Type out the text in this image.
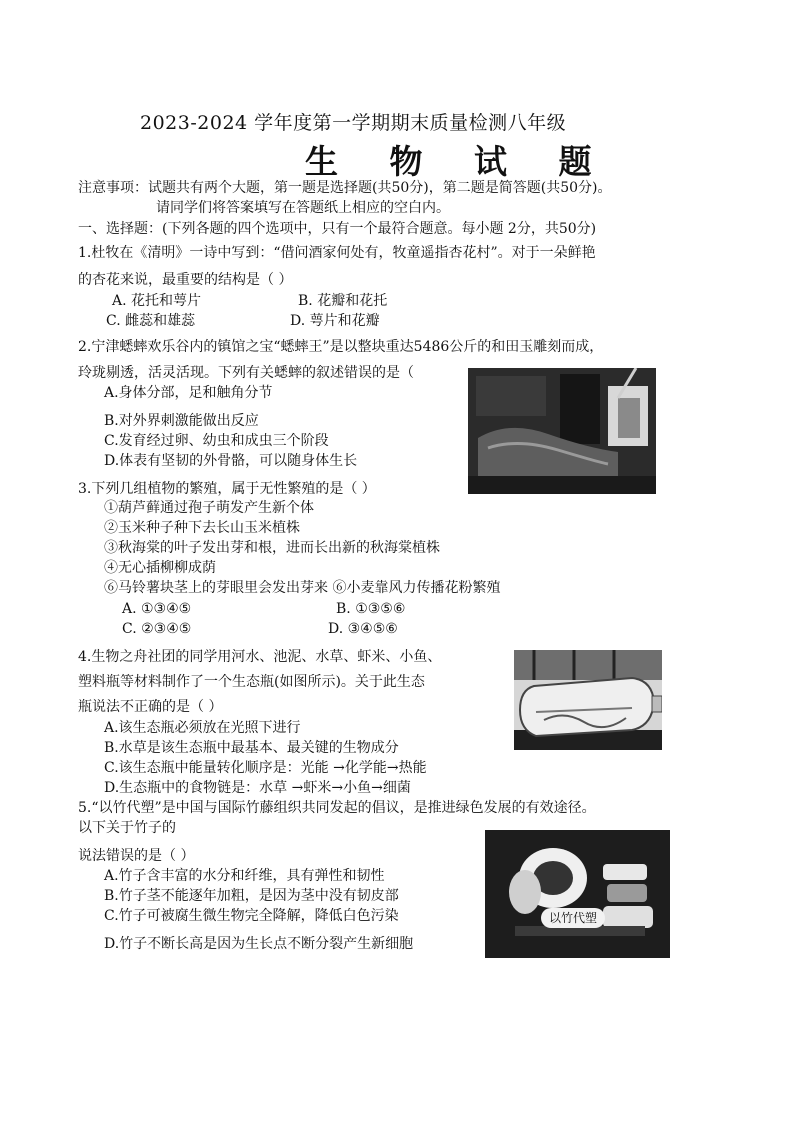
2023-2024 学年度第一学期期末质量检测八年级
生 物 试 题
注意事项：试题共有两个大题，第一题是选择题(共50分)，第二题是简答题(共50分)。
请同学们将答案填写在答题纸上相应的空白内。
一、选择题：(下列各题的四个选项中，只有一个最符合题意。每小题 2分，共50分)
1.杜牧在《清明》一诗中写到：“借问酒家何处有，牧童遥指杏花村”。对于一朵鲜艳
的杏花来说，最重要的结构是（ ）
A. 花托和萼片	B. 花瓣和花托
C. 雌蕊和雄蕊	D. 萼片和花瓣
2.宁津蟋蟀欢乐谷内的镇馆之宝“蟋蟀王”是以整块重达5486公斤的和田玉雕刻而成，
玲珑剔透，活灵活现。下列有关蟋蟀的叙述错误的是（
A.身体分部，足和触角分节
B.对外界刺激能做出反应
C.发育经过卵、幼虫和成虫三个阶段
D.体表有坚韧的外骨骼，可以随身体生长
3.下列几组植物的繁殖，属于无性繁殖的是（ ）
①葫芦藓通过孢子萌发产生新个体
②玉米种子种下去长山玉米植株
③秋海棠的叶子发出芽和根，进而长出新的秋海棠植株
④无心插柳柳成荫
⑥马铃薯块茎上的芽眼里会发出芽来 ⑥小麦靠风力传播花粉繁殖
A. ①③④⑤	B. ①③⑤⑥
C. ②③④⑤	D. ③④⑤⑥
4.生物之舟社团的同学用河水、池泥、水草、虾米、小鱼、
塑料瓶等材料制作了一个生态瓶(如图所示)。关于此生态
瓶说法不正确的是（ ）
A.该生态瓶必须放在光照下进行
B.水草是该生态瓶中最基本、最关键的生物成分
C.该生态瓶中能量转化顺序是：光能 →化学能→热能
D.生态瓶中的食物链是：水草 →虾米→小鱼→细菌
5.“以竹代塑”是中国与国际竹藤组织共同发起的倡议，是推进绿色发展的有效途径。
以下关于竹子的
说法错误的是（ ）
A.竹子含丰富的水分和纤维，具有弹性和韧性
B.竹子茎不能逐年加粗，是因为茎中没有韧皮部
C.竹子可被腐生微生物完全降解，降低白色污染
D.竹子不断长高是因为生长点不断分裂产生新细胞
以竹代塑
